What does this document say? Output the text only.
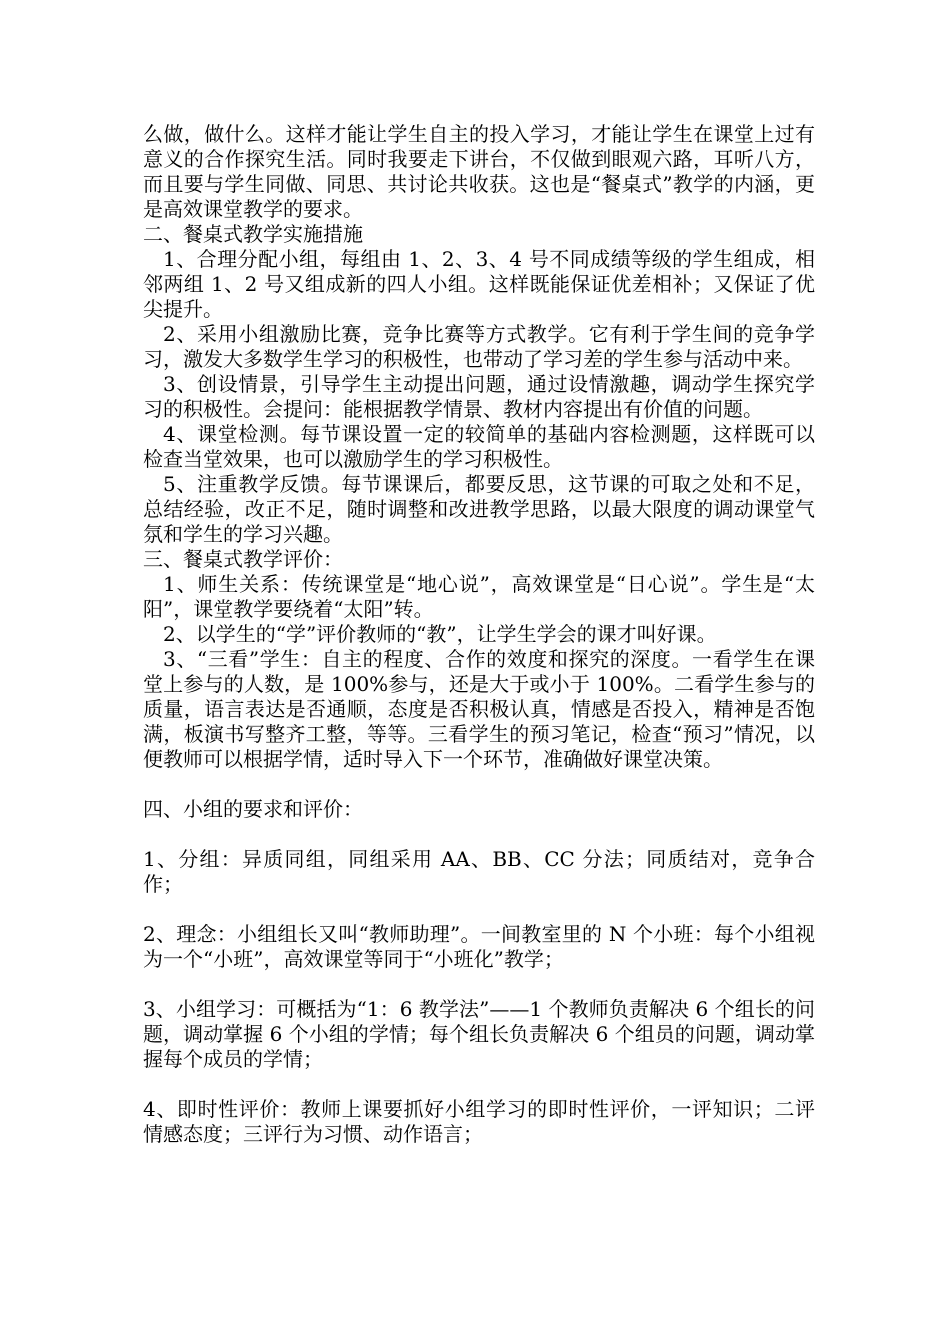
么做，做什么。这样才能让学生自主的投入学习，才能让学生在课堂上过有意义的合作探究生活。同时我要走下讲台，不仅做到眼观六路，耳听八方，而且要与学生同做、同思、共讨论共收获。这也是“餐桌式”教学的内涵，更是高效课堂教学的要求。

二、餐桌式教学实施措施

1、合理分配小组，每组由 1、2、3、4 号不同成绩等级的学生组成，相邻两组 1、2 号又组成新的四人小组。这样既能保证优差相补；又保证了优尖提升。

2、采用小组激励比赛，竞争比赛等方式教学。它有利于学生间的竞争学习，激发大多数学生学习的积极性，也带动了学习差的学生参与活动中来。

3、创设情景，引导学生主动提出问题，通过设情激趣，调动学生探究学习的积极性。会提问：能根据教学情景、教材内容提出有价值的问题。

4、课堂检测。每节课设置一定的较简单的基础内容检测题，这样既可以检查当堂效果，也可以激励学生的学习积极性。

5、注重教学反馈。每节课课后，都要反思，这节课的可取之处和不足，总结经验，改正不足，随时调整和改进教学思路，以最大限度的调动课堂气氛和学生的学习兴趣。

三、餐桌式教学评价：

1、师生关系：传统课堂是“地心说”，高效课堂是“日心说”。学生是“太阳”，课堂教学要绕着“太阳”转。

2、以学生的“学”评价教师的“教”，让学生学会的课才叫好课。

3、“三看”学生：自主的程度、合作的效度和探究的深度。一看学生在课堂上参与的人数，是 100%参与，还是大于或小于 100%。二看学生参与的质量，语言表达是否通顺，态度是否积极认真，情感是否投入，精神是否饱满，板演书写整齐工整，等等。三看学生的预习笔记，检查“预习”情况，以便教师可以根据学情，适时导入下一个环节，准确做好课堂决策。

四、小组的要求和评价：

1、分组：异质同组，同组采用 AA、BB、CC 分法；同质结对，竞争合作；

2、理念：小组组长又叫“教师助理”。一间教室里的 N 个小班：每个小组视为一个“小班”，高效课堂等同于“小班化”教学；

3、小组学习：可概括为“1：6 教学法”——1 个教师负责解决 6 个组长的问题，调动掌握 6 个小组的学情；每个组长负责解决 6 个组员的问题，调动掌握每个成员的学情；

4、即时性评价：教师上课要抓好小组学习的即时性评价，一评知识；二评情感态度；三评行为习惯、动作语言；
